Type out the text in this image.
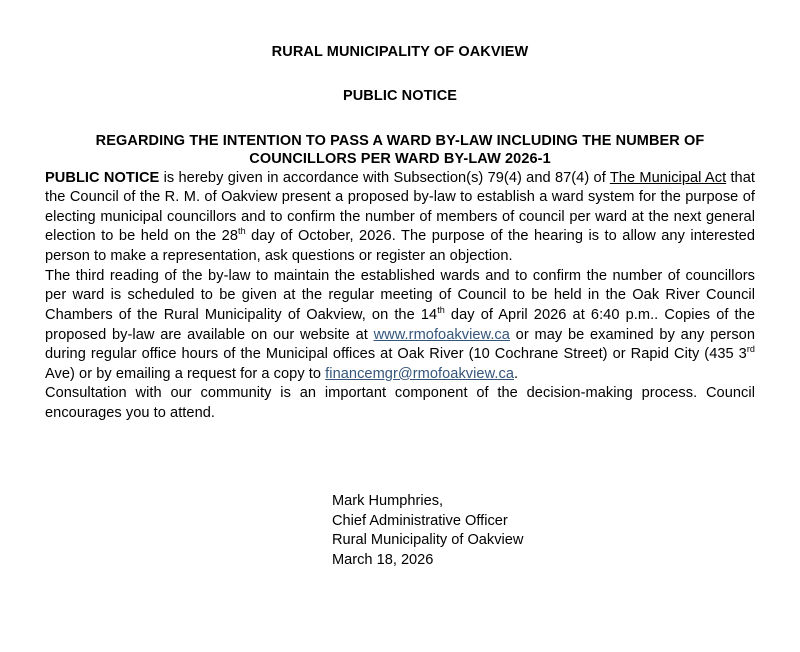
RURAL MUNICIPALITY OF OAKVIEW
PUBLIC NOTICE
REGARDING THE INTENTION TO PASS A WARD BY-LAW INCLUDING THE NUMBER OF
COUNCILLORS PER WARD BY-LAW 2026-1

PUBLIC NOTICE is hereby given in accordance with Subsection(s) 79(4) and 87(4) of The Municipal Act that the Council of the R. M. of Oakview present a proposed by-law to establish a ward system for the purpose of electing municipal councillors and to confirm the number of members of council per ward at the next general election to be held on the 28th day of October, 2026. The purpose of the hearing is to allow any interested person to make a representation, ask questions or register an objection.

The third reading of the by-law to maintain the established wards and to confirm the number of councillors per ward is scheduled to be given at the regular meeting of Council to be held in the Oak River Council Chambers of the Rural Municipality of Oakview, on the 14th day of April 2026 at 6:40 p.m.. Copies of the proposed by-law are available on our website at www.rmofoakview.ca or may be examined by any person during regular office hours of the Municipal offices at Oak River (10 Cochrane Street) or Rapid City (435 3rd Ave) or by emailing a request for a copy to financemgr@rmofoakview.ca.

Consultation with our community is an important component of the decision-making process. Council encourages you to attend.

Mark Humphries,
Chief Administrative Officer
Rural Municipality of Oakview
March 18, 2026
